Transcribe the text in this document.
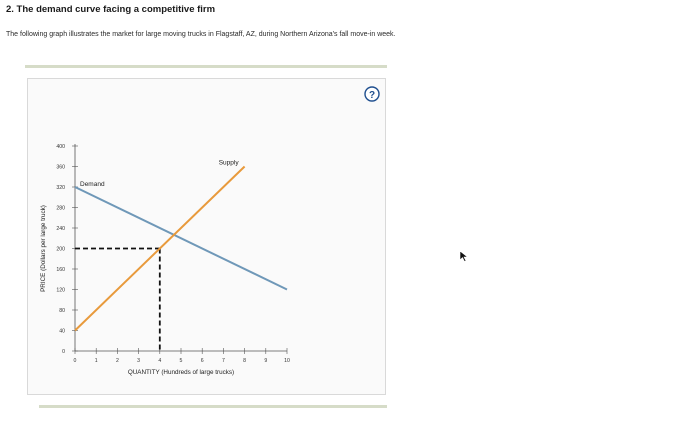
2. The demand curve facing a competitive firm

The following graph illustrates the market for large moving trucks in Flagstaff, AZ, during Northern Arizona's fall move-in week.

?
0
40
80
120
160
200
240
280
320
360
400
0	1	2	3	4	5	6	7	8	9	10
Demand
Supply
QUANTITY (Hundreds of large trucks)
PRICE (Dollars per large truck)
